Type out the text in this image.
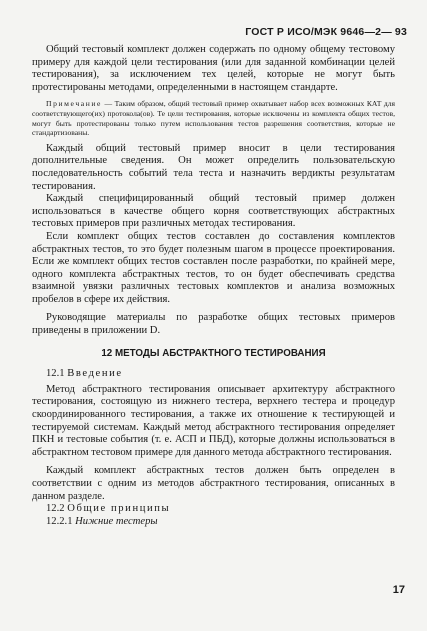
ГОСТ Р ИСО/МЭК 9646—2— 93

Общий тестовый комплект должен содержать по одному общему тестовому примеру для каждой цели тестирования (или для заданной комбинации целей тестирования), за исключением тех целей, которые не могут быть протестированы методами, определенными в настоящем стандарте.

Примечание — Таким образом, общий тестовый пример охватывает набор всех возможных КАТ для соответствующего(их) протокола(ов). Те цели тестирования, которые исключены из комплекта общих тестов, могут быть протестированы только путем использования тестов разрешения соответствия, которые не стандартизованы.

Каждый общий тестовый пример вносит в цели тестирования дополнительные сведения. Он может определить пользовательскую последовательность событий тела теста и назначить вердикты результатам тестирования.

Каждый специфицированный общий тестовый пример должен использоваться в качестве общего корня соответствующих абстрактных тестовых примеров при различных методах тестирования.

Если комплект общих тестов составлен до составления комплектов абстрактных тестов, то это будет полезным шагом в процессе проектирования. Если же комплект общих тестов составлен после разработки, по крайней мере, одного комплекта абстрактных тестов, то он будет обеспечивать средства взаимной увязки различных тестовых комплектов и анализа возможных пробелов в сфере их действия.

Руководящие материалы по разработке общих тестовых примеров приведены в приложении D.

12 МЕТОДЫ АБСТРАКТНОГО ТЕСТИРОВАНИЯ

12.1 Введение

Метод абстрактного тестирования описывает архитектуру абстрактного тестирования, состоящую из нижнего тестера, верхнего тестера и процедур скоординированного тестирования, а также их отношение к тестирующей и тестируемой системам. Каждый метод абстрактного тестирования определяет ПКН и тестовые события (т. е. АСП и ПБД), которые должны использоваться в абстрактном тестовом примере для данного метода абстрактного тестирования.

Каждый комплект абстрактных тестов должен быть определен в соответствии с одним из методов абстрактного тестирования, описанных в данном разделе.

12.2 Общие принципы

12.2.1 Нижние тестеры

17
